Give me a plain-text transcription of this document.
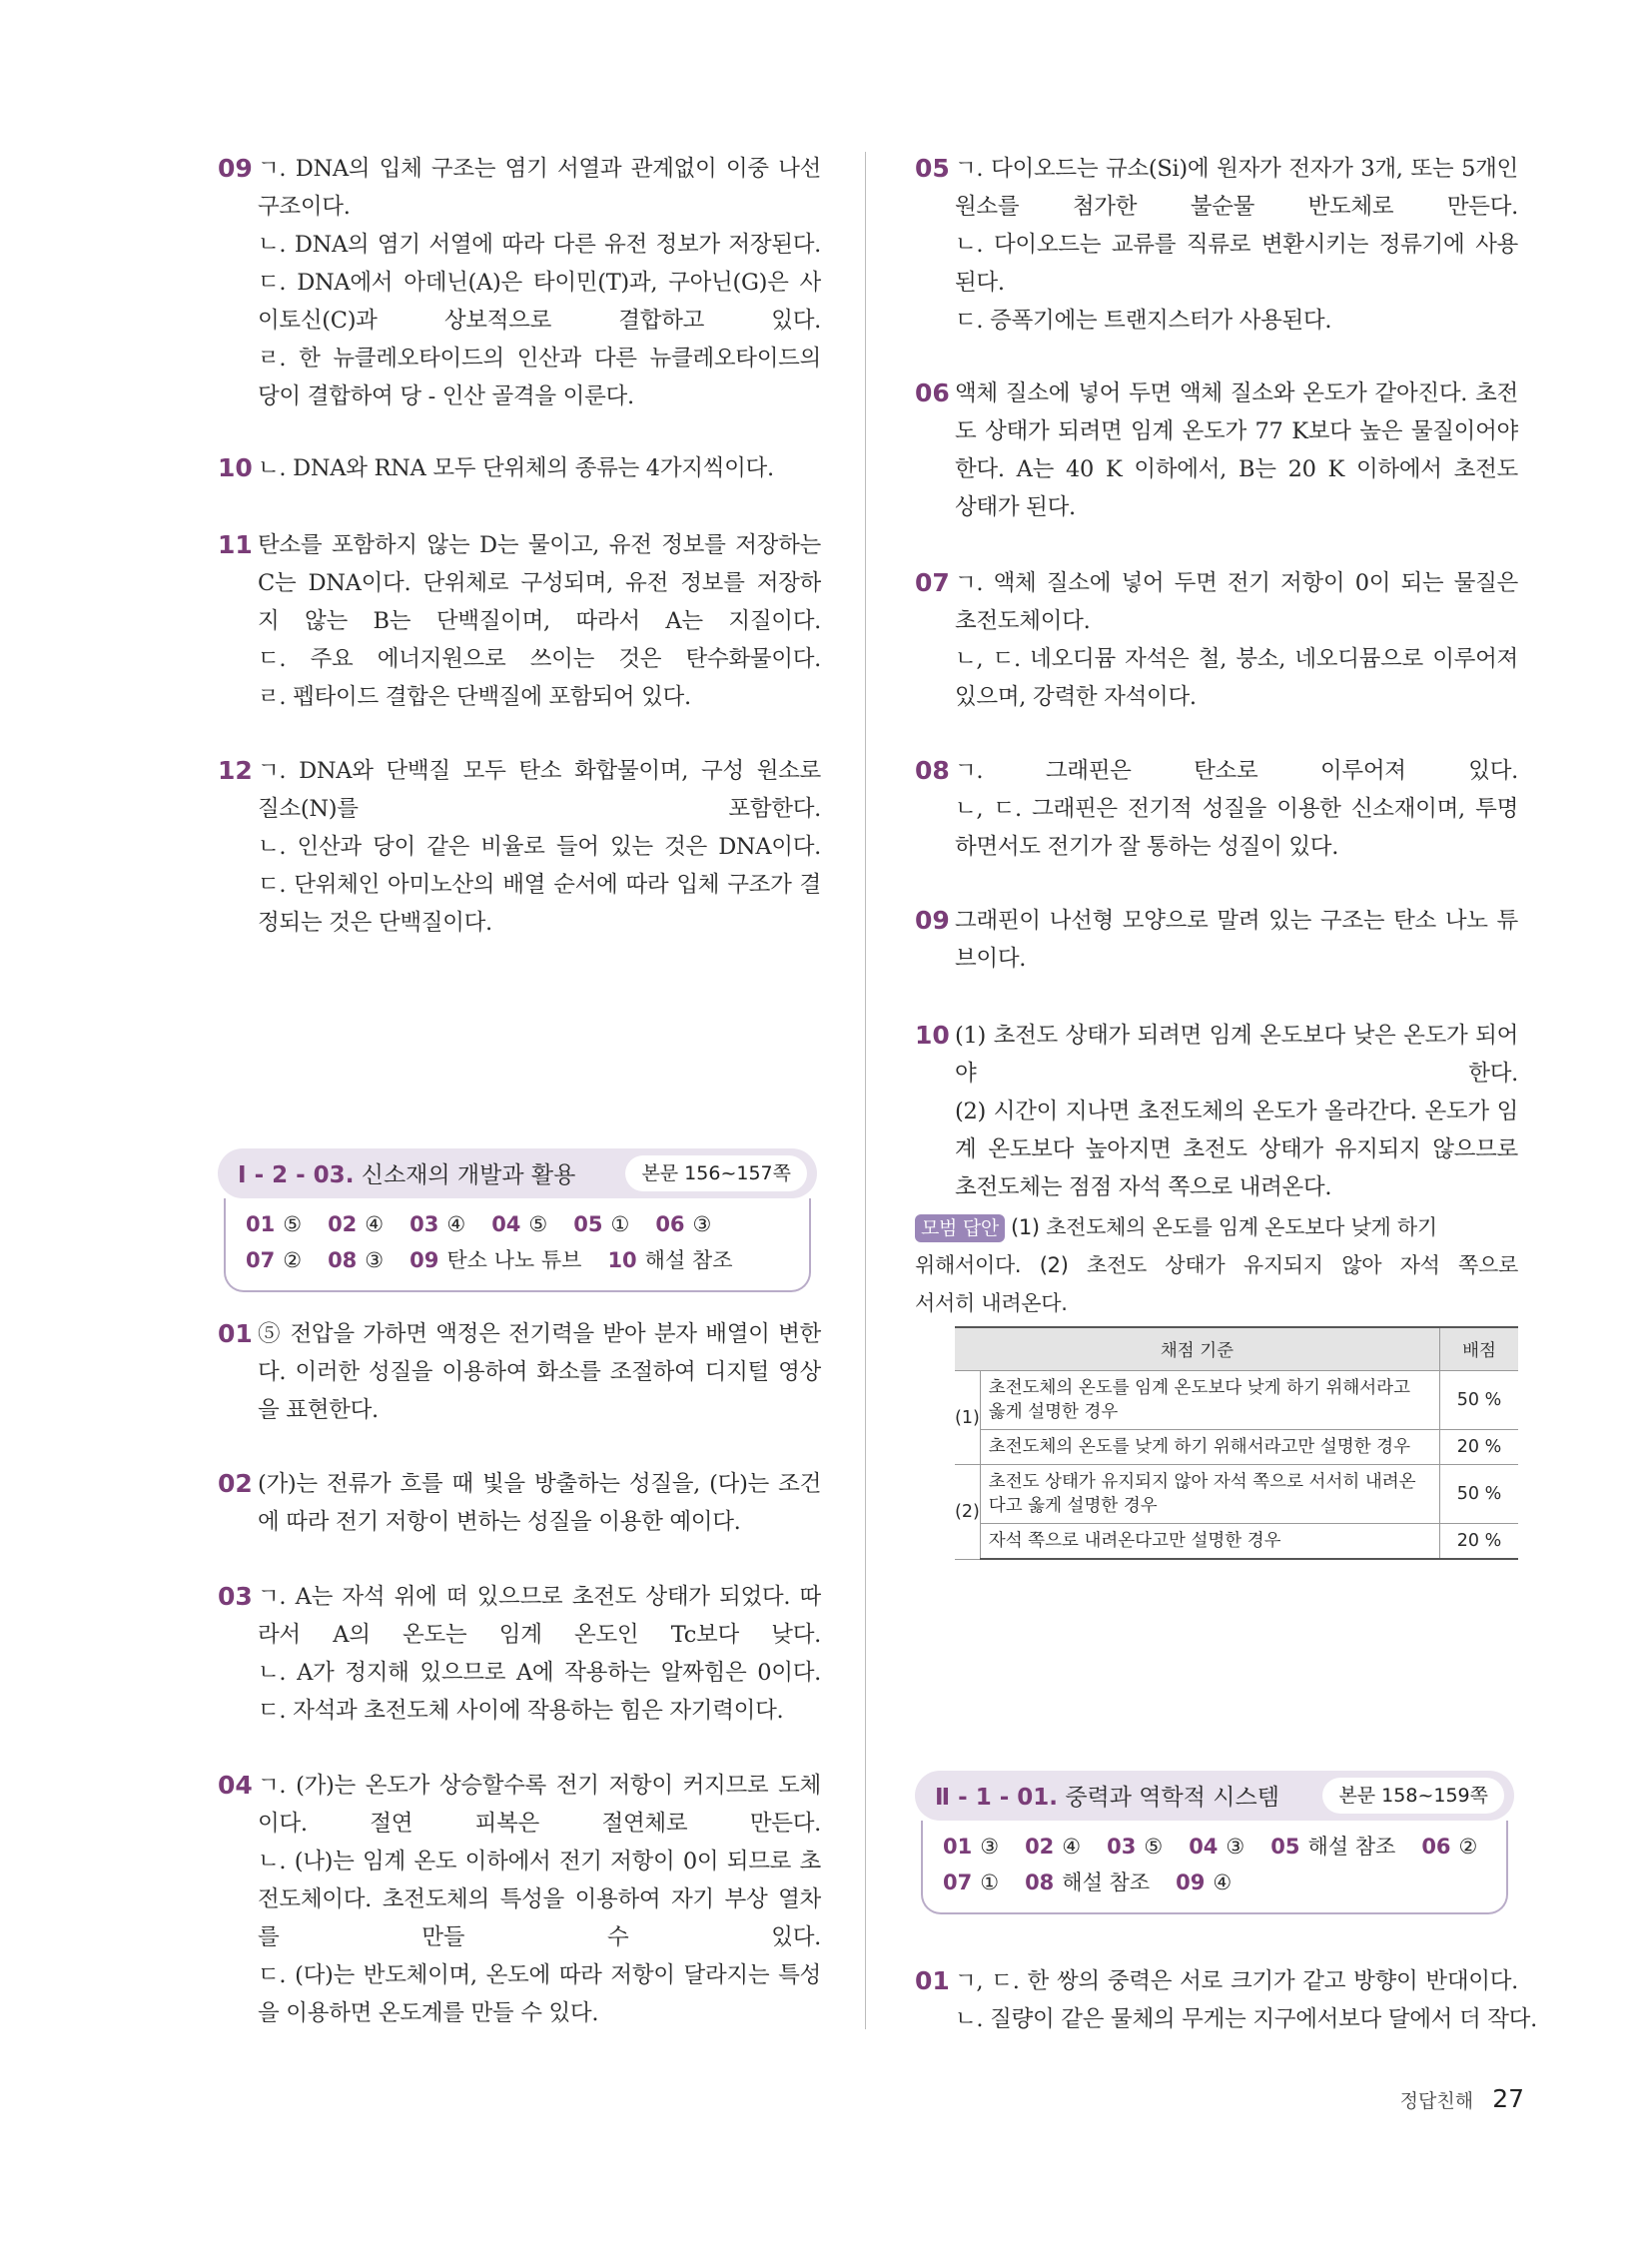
09 ㄱ. DNA의 입체 구조는 염기 서열과 관계없이 이중 나선
구조이다.
ㄴ. DNA의 염기 서열에 따라 다른 유전 정보가 저장된다.
ㄷ. DNA에서 아데닌(A)은 타이민(T)과, 구아닌(G)은 사
이토신(C)과 상보적으로 결합하고 있다.
ㄹ. 한 뉴클레오타이드의 인산과 다른 뉴클레오타이드의
당이 결합하여 당 - 인산 골격을 이룬다.
10 ㄴ. DNA와 RNA 모두 단위체의 종류는 4가지씩이다.
11 탄소를 포함하지 않는 D는 물이고, 유전 정보를 저장하는
C는 DNA이다. 단위체로 구성되며, 유전 정보를 저장하
지 않는 B는 단백질이며, 따라서 A는 지질이다.
ㄷ. 주요 에너지원으로 쓰이는 것은 탄수화물이다.
ㄹ. 펩타이드 결합은 단백질에 포함되어 있다.
12 ㄱ. DNA와 단백질 모두 탄소 화합물이며, 구성 원소로
질소(N)를 포함한다.
ㄴ. 인산과 당이 같은 비율로 들어 있는 것은 DNA이다.
ㄷ. 단위체인 아미노산의 배열 순서에 따라 입체 구조가 결
정되는 것은 단백질이다.
Ⅰ - 2 - 03. 신소재의 개발과 활용	본문 156~157쪽
01 ⑤ 02 ④ 03 ④ 04 ⑤ 05 ① 06 ③
07 ② 08 ③ 09 탄소 나노 튜브 10 해설 참조
01 ⑤ 전압을 가하면 액정은 전기력을 받아 분자 배열이 변한
다. 이러한 성질을 이용하여 화소를 조절하여 디지털 영상
을 표현한다.
02 (가)는 전류가 흐를 때 빛을 방출하는 성질을, (다)는 조건
에 따라 전기 저항이 변하는 성질을 이용한 예이다.
03 ㄱ. A는 자석 위에 떠 있으므로 초전도 상태가 되었다. 따
라서 A의 온도는 임계 온도인 Tc보다 낮다.
ㄴ. A가 정지해 있으므로 A에 작용하는 알짜힘은 0이다.
ㄷ. 자석과 초전도체 사이에 작용하는 힘은 자기력이다.
04 ㄱ. (가)는 온도가 상승할수록 전기 저항이 커지므로 도체
이다. 절연 피복은 절연체로 만든다.
ㄴ. (나)는 임계 온도 이하에서 전기 저항이 0이 되므로 초
전도체이다. 초전도체의 특성을 이용하여 자기 부상 열차
를 만들 수 있다.
ㄷ. (다)는 반도체이며, 온도에 따라 저항이 달라지는 특성
을 이용하면 온도계를 만들 수 있다.
05 ㄱ. 다이오드는 규소(Si)에 원자가 전자가 3개, 또는 5개인
원소를 첨가한 불순물 반도체로 만든다.
ㄴ. 다이오드는 교류를 직류로 변환시키는 정류기에 사용
된다.
ㄷ. 증폭기에는 트랜지스터가 사용된다.
06 액체 질소에 넣어 두면 액체 질소와 온도가 같아진다. 초전
도 상태가 되려면 임계 온도가 77 K보다 높은 물질이어야
한다. A는 40 K 이하에서, B는 20 K 이하에서 초전도
상태가 된다.
07 ㄱ. 액체 질소에 넣어 두면 전기 저항이 0이 되는 물질은
초전도체이다.
ㄴ, ㄷ. 네오디뮴 자석은 철, 붕소, 네오디뮴으로 이루어져
있으며, 강력한 자석이다.
08 ㄱ. 그래핀은 탄소로 이루어져 있다.
ㄴ, ㄷ. 그래핀은 전기적 성질을 이용한 신소재이며, 투명
하면서도 전기가 잘 통하는 성질이 있다.
09 그래핀이 나선형 모양으로 말려 있는 구조는 탄소 나노 튜
브이다.
10 (1) 초전도 상태가 되려면 임계 온도보다 낮은 온도가 되어
야 한다.
(2) 시간이 지나면 초전도체의 온도가 올라간다. 온도가 임
계 온도보다 높아지면 초전도 상태가 유지되지 않으므로
초전도체는 점점 자석 쪽으로 내려온다.
모범 답안 (1) 초전도체의 온도를 임계 온도보다 낮게 하기
위해서이다. (2) 초전도 상태가 유지되지 않아 자석 쪽으로
서서히 내려온다.
채점 기준		배점
(1)	초전도체의 온도를 임계 온도보다 낮게 하기 위해서라고 옳게 설명한 경우	50 %
	초전도체의 온도를 낮게 하기 위해서라고만 설명한 경우	20 %
(2)	초전도 상태가 유지되지 않아 자석 쪽으로 서서히 내려온다고 옳게 설명한 경우	50 %
	자석 쪽으로 내려온다고만 설명한 경우	20 %
Ⅱ - 1 - 01. 중력과 역학적 시스템	본문 158~159쪽
01 ③ 02 ④ 03 ⑤ 04 ③ 05 해설 참조 06 ②
07 ① 08 해설 참조 09 ④
01 ㄱ, ㄷ. 한 쌍의 중력은 서로 크기가 같고 방향이 반대이다.
ㄴ. 질량이 같은 물체의 무게는 지구에서보다 달에서 더 작다.
정답친해 27
